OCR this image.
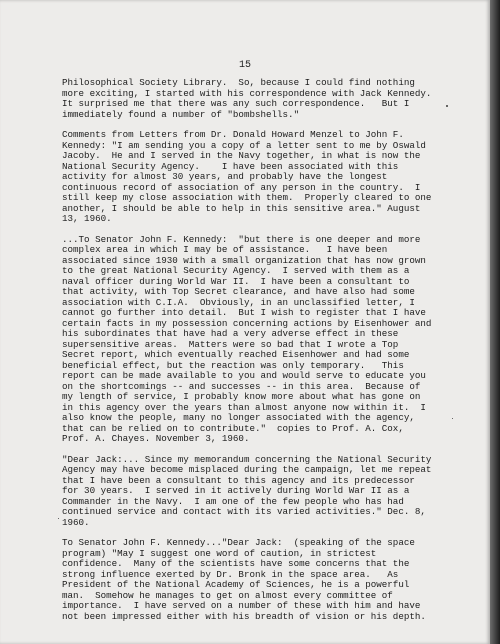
15

Philosophical Society Library.  So, because I could find nothing
more exciting, I started with his correspondence with Jack Kennedy.
It surprised me that there was any such correspondence.   But I
immediately found a number of "bombshells."

Comments from Letters from Dr. Donald Howard Menzel to John F.
Kennedy: "I am sending you a copy of a letter sent to me by Oswald
Jacoby.  He and I served in the Navy together, in what is now the
National Security Agency.    I have been associated with this
activity for almost 30 years, and probably have the longest
continuous record of association of any person in the country.  I
still keep my close association with them.  Properly cleared to one
another, I should be able to help in this sensitive area." August
13, 1960.

...To Senator John F. Kennedy:  "but there is one deeper and more
complex area in which I may be of assistance.   I have been
associated since 1930 with a small organization that has now grown
to the great National Security Agency.  I served with them as a
naval officer during World War II.  I have been a consultant to
that activity, with Top Secret clearance, and have also had some
association with C.I.A.  Obviously, in an unclassified letter, I
cannot go further into detail.  But I wish to register that I have
certain facts in my possession concerning actions by Eisenhower and
his subordinates that have had a very adverse effect in these
supersensitive areas.  Matters were so bad that I wrote a Top
Secret report, which eventually reached Eisenhower and had some
beneficial effect, but the reaction was only temporary.   This
report can be made available to you and would serve to educate you
on the shortcomings -- and successes -- in this area.  Because of
my length of service, I probably know more about what has gone on
in this agency over the years than almost anyone now within it.  I
also know the people, many no longer associated with the agency,
that can be relied on to contribute."  copies to Prof. A. Cox,
Prof. A. Chayes. November 3, 1960.

"Dear Jack:... Since my memorandum concerning the National Security
Agency may have become misplaced during the campaign, let me repeat
that I have been a consultant to this agency and its predecessor
for 30 years.  I served in it actively during World War II as a
Commander in the Navy.  I am one of the few people who has had
continued service and contact with its varied activities." Dec. 8,
1960.

To Senator John F. Kennedy..."Dear Jack:  (speaking of the space
program) "May I suggest one word of caution, in strictest
confidence.  Many of the scientists have some concerns that the
strong influence exerted by Dr. Bronk in the space area.   As
President of the National Academy of Sciences, he is a powerful
man.  Somehow he manages to get on almost every committee of
importance.  I have served on a number of these with him and have
not been impressed either with his breadth of vision or his depth.
